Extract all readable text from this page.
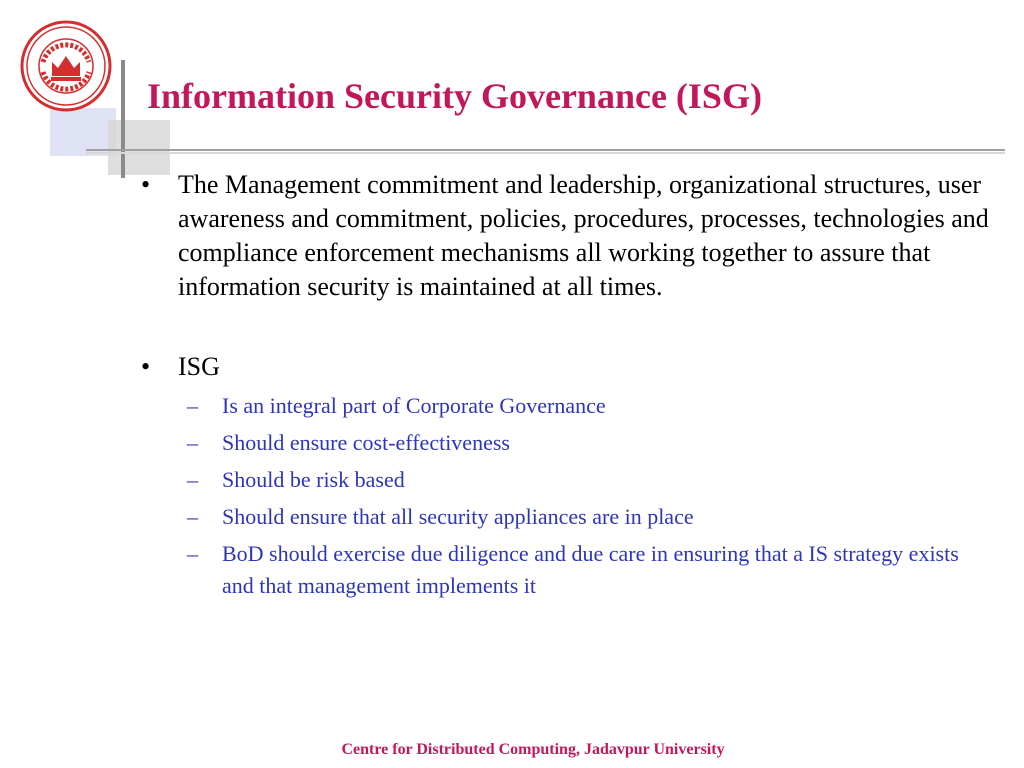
Information Security Governance (ISG)
•	The Management commitment and leadership, organizational structures, user awareness and commitment, policies, procedures, processes, technologies and compliance enforcement mechanisms all working together to assure that information security is maintained at all times.
•	ISG
–	Is an integral part of Corporate Governance
–	Should ensure cost-effectiveness
–	Should be risk based
–	Should ensure that all security appliances are in place
–	BoD should exercise due diligence and due care in ensuring that a IS strategy exists and that management implements it
Centre for Distributed Computing, Jadavpur University
